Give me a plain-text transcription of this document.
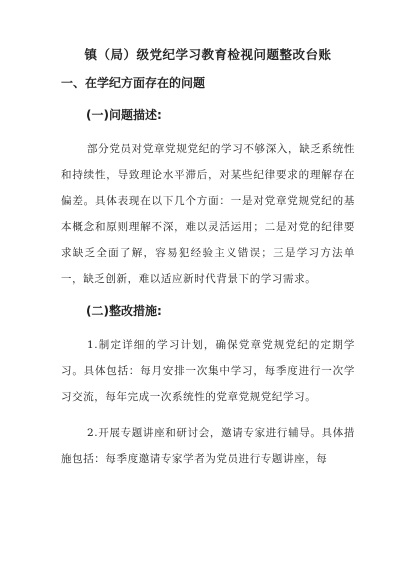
镇（局）级党纪学习教育检视问题整改台账
一、在学纪方面存在的问题
(一)问题描述:

部分党员对党章党规党纪的学习不够深入，缺乏系统性和持续性，导致理论水平滞后，对某些纪律要求的理解存在偏差。具体表现在以下几个方面：一是对党章党规党纪的基本概念和原则理解不深，难以灵活运用；二是对党的纪律要求缺乏全面了解，容易犯经验主义错误；三是学习方法单一，缺乏创新，难以适应新时代背景下的学习需求。

(二)整改措施:

1.制定详细的学习计划，确保党章党规党纪的定期学习。具体包括：每月安排一次集中学习，每季度进行一次学习交流，每年完成一次系统性的党章党规党纪学习。

2.开展专题讲座和研讨会，邀请专家进行辅导。具体措施包括：每季度邀请专家学者为党员进行专题讲座，每
